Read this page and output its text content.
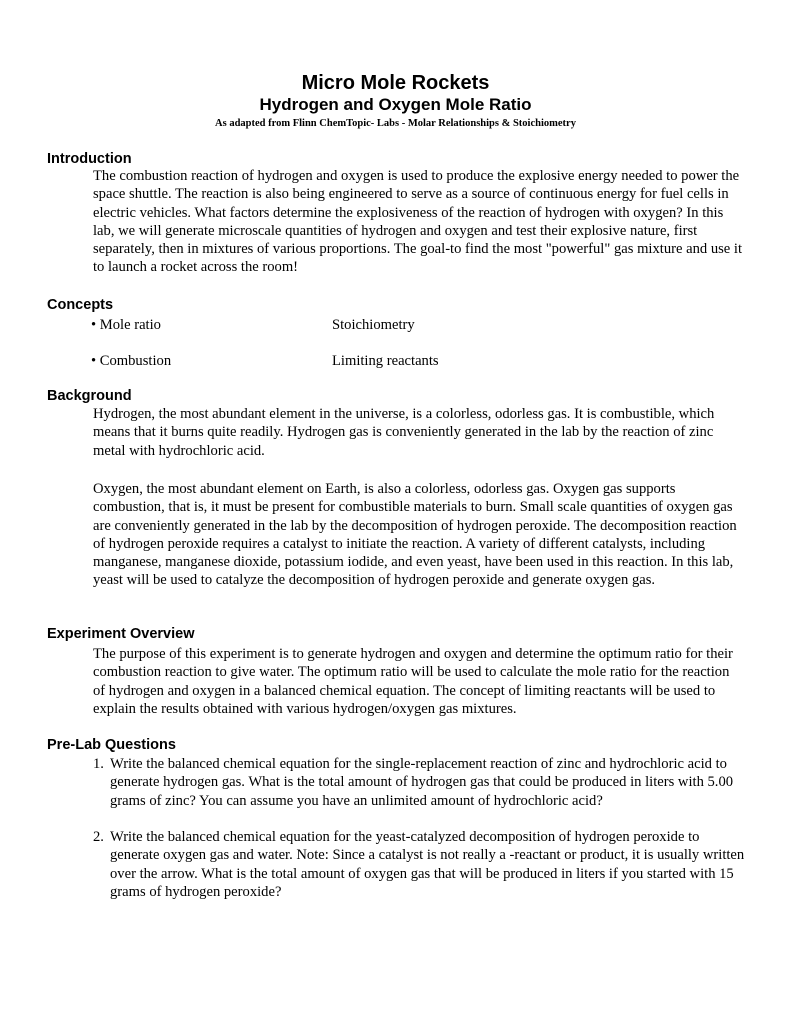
Micro Mole Rockets
Hydrogen and Oxygen Mole Ratio
As adapted from Flinn ChemTopic- Labs - Molar Relationships & Stoichiometry
Introduction
The combustion reaction of hydrogen and oxygen is used to produce the explosive energy needed to power the space shuttle. The reaction is also being engineered to serve as a source of continuous energy for fuel cells in electric vehicles. What factors determine the explosiveness of the reaction of hydrogen with oxygen? In this lab, we will generate microscale quantities of hydrogen and oxygen and test their explosive nature, first separately, then in mixtures of various proportions. The goal-to find the most "powerful" gas mixture and use it to launch a rocket across the room!
Concepts
• Mole ratio	Stoichiometry
• Combustion	Limiting reactants
Background
Hydrogen, the most abundant element in the universe, is a colorless, odorless gas. It is combustible, which means that it burns quite readily. Hydrogen gas is conveniently generated in the lab by the reaction of zinc metal with hydrochloric acid.
Oxygen, the most abundant element on Earth, is also a colorless, odorless gas. Oxygen gas supports combustion, that is, it must be present for combustible materials to burn. Small scale quantities of oxygen gas are conveniently generated in the lab by the decomposition of hydrogen peroxide. The decomposition reaction of hydrogen peroxide requires a catalyst to initiate the reaction. A variety of different catalysts, including manganese, manganese dioxide, potassium iodide, and even yeast, have been used in this reaction. In this lab, yeast will be used to catalyze the decomposition of hydrogen peroxide and generate oxygen gas.
Experiment Overview
The purpose of this experiment is to generate hydrogen and oxygen and determine the optimum ratio for their combustion reaction to give water. The optimum ratio will be used to calculate the mole ratio for the reaction of hydrogen and oxygen in a balanced chemical equation. The concept of limiting reactants will be used to explain the results obtained with various hydrogen/oxygen gas mixtures.
Pre-Lab Questions
1. Write the balanced chemical equation for the single-replacement reaction of zinc and hydrochloric acid to generate hydrogen gas. What is the total amount of hydrogen gas that could be produced in liters with 5.00 grams of zinc? You can assume you have an unlimited amount of hydrochloric acid?
2. Write the balanced chemical equation for the yeast-catalyzed decomposition of hydrogen peroxide to generate oxygen gas and water. Note: Since a catalyst is not really a -reactant or product, it is usually written over the arrow. What is the total amount of oxygen gas that will be produced in liters if you started with 15 grams of hydrogen peroxide?
